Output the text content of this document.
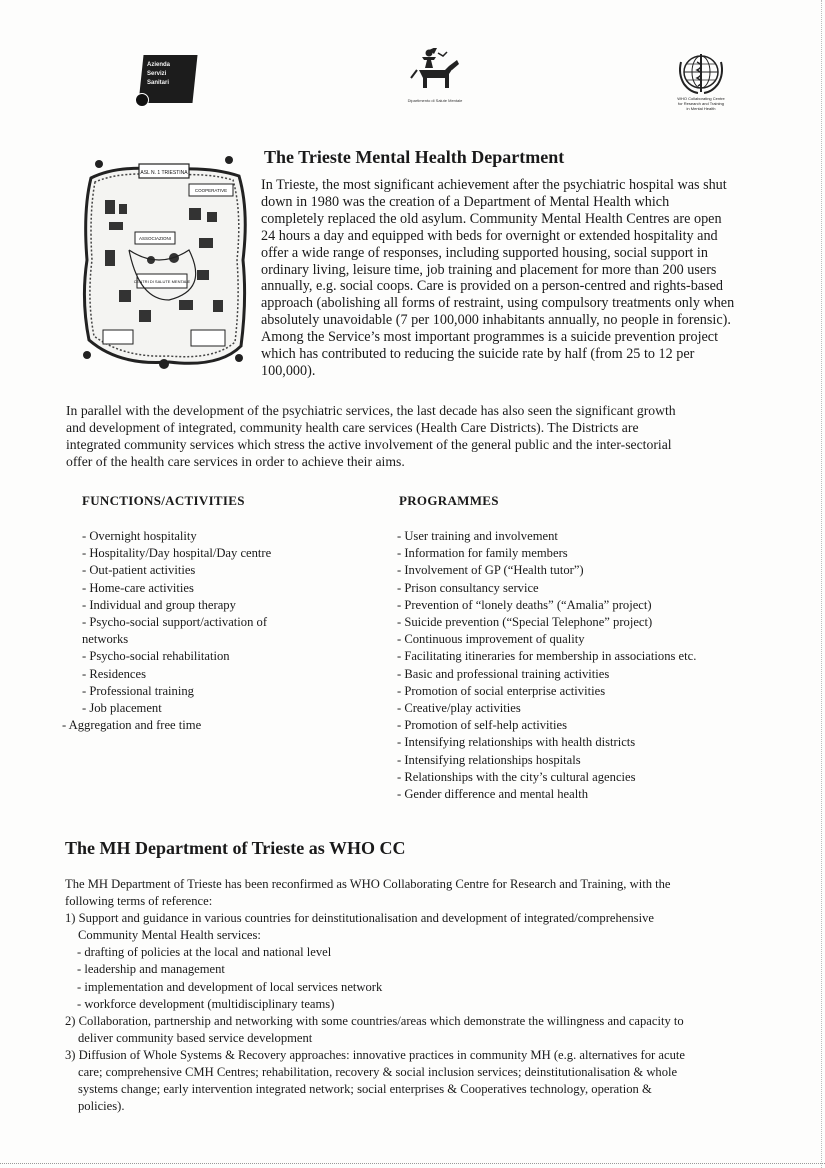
Azienda
Servizi
Sanitari
Dipartimento di Salute Mentale	WHO Collaborating Centre
for Research and Training
in Mental Health
ASL N. 1 TRIESTINA
COOPERATIVE
ASSOCIAZIONI
CENTRI DI SALUTE MENTALE
The Trieste Mental Health Department

In Trieste, the most significant achievement after the psychiatric hospital was shut
down in 1980 was the creation of a Department of Mental Health which
completely replaced the old asylum. Community Mental Health Centres are open
24 hours a day and equipped with beds for overnight or extended hospitality and
offer a wide range of responses, including supported housing, social support in
ordinary living, leisure time, job training and placement for more than 200 users
annually, e.g. social coops. Care is provided on a person-centred and rights-based
approach (abolishing all forms of restraint, using compulsory treatments only when
absolutely unavoidable (7 per 100,000 inhabitants annually, no people in forensic).
Among the Service’s most important programmes is a suicide prevention project
which has contributed to reducing the suicide rate by half (from 25 to 12 per
100,000).

In parallel with the development of the psychiatric services, the last decade has also seen the significant growth
and development of integrated, community health care services (Health Care Districts). The Districts are
integrated community services which stress the active involvement of the general public and the inter-sectorial
offer of the health care services in order to achieve their aims.

FUNCTIONS/ACTIVITIES	PROGRAMMES
- Overnight hospitality
- Hospitality/Day hospital/Day centre
- Out-patient activities
- Home-care activities
- Individual and group therapy
- Psycho-social support/activation of
networks
- Psycho-social rehabilitation
- Residences
- Professional training
- Job placement
- Aggregation and free time
- User training and involvement
- Information for family members
- Involvement of GP (“Health tutor”)
- Prison consultancy service
- Prevention of “lonely deaths” (“Amalia” project)
- Suicide prevention (“Special Telephone” project)
- Continuous improvement of quality
- Facilitating itineraries for membership in associations etc.
- Basic and professional training activities
- Promotion of social enterprise activities
- Creative/play activities
- Promotion of self-help activities
- Intensifying relationships with health districts
- Intensifying relationships hospitals
- Relationships with the city’s cultural agencies
- Gender difference and mental health
The MH Department of Trieste as WHO CC

The MH Department of Trieste has been reconfirmed as WHO Collaborating Centre for Research and Training, with the
following terms of reference:

1) Support and guidance in various countries for deinstitutionalisation and development of integrated/comprehensive

Community Mental Health services:

- drafting of policies at the local and national level

- leadership and management

- implementation and development of local services network

- workforce development (multidisciplinary teams)

2) Collaboration, partnership and networking with some countries/areas which demonstrate the willingness and capacity to

deliver community based service development

3) Diffusion of Whole Systems & Recovery approaches: innovative practices in community MH (e.g. alternatives for acute

care; comprehensive CMH Centres; rehabilitation, recovery & social inclusion services; deinstitutionalisation & whole
systems change; early intervention integrated network; social enterprises & Cooperatives technology, operation &
policies).
